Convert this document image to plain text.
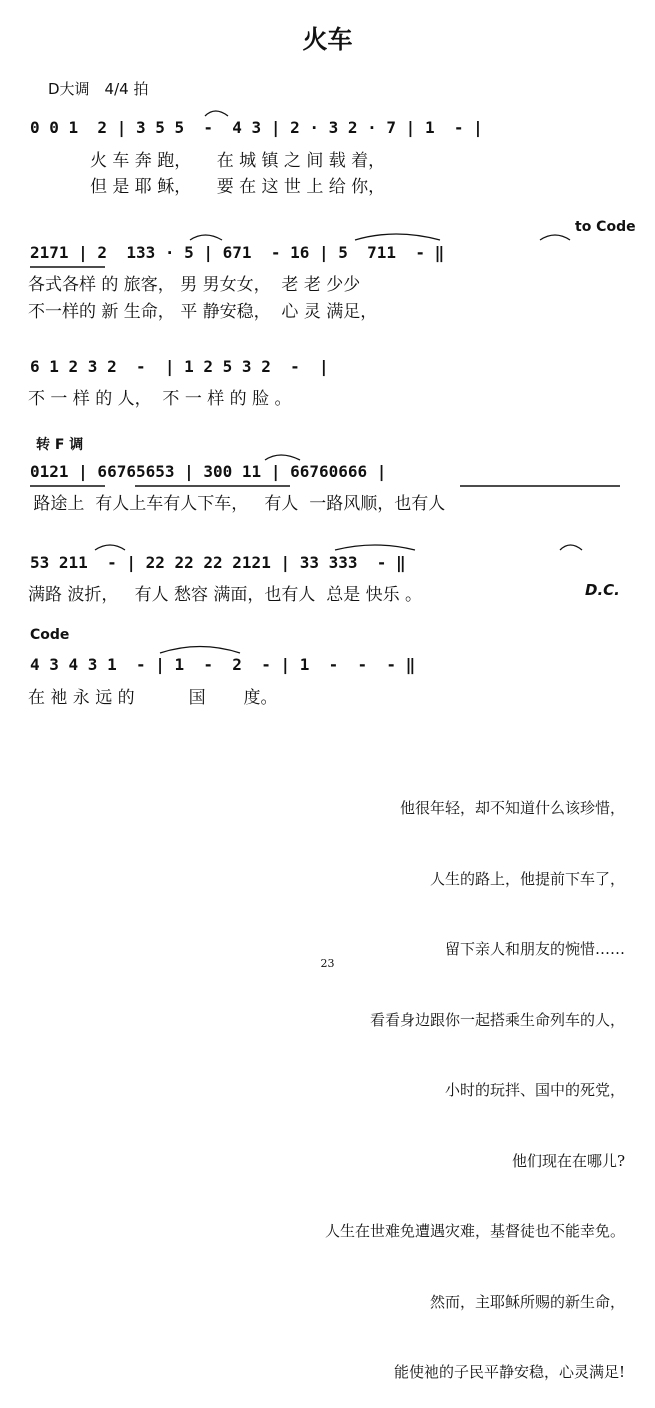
火车
D大调　4/4 拍
0 0 1  2 | 3 5 5  -  4 3 | 2 · 3 2 · 7 | 1  - |
火 车 奔 跑，　　在 城 镇 之 间 载 着，
但 是 耶 稣，　　要 在 这 世 上 给 你，
to Code
2171 | 2  133 · 5 | 671  - 16 | 5  711  - ‖
各式各样 的 旅客， 男 男女女，  老 老 少少
不一样的 新 生命， 平 静安稳，  心 灵 满足，
6 1 2 3 2  -  | 1 2 5 3 2  -  |
不 一 样 的 人，  不 一 样 的 脸 。
转 F 调
0121 | 66765653 | 300 11 | 66760666 |
路途上  有人上车有人下车，   有人  一路风顺，也有人
53 211  - | 22 22 22 2121 | 33 333  - ‖
满路 波折，   有人 愁容 满面，也有人  总是 快乐 。	D.C.
Code
4 3 4 3 1  - | 1  -  2  - | 1  -  -  - ‖
在 祂 永 远 的          国       度。

他很年轻，却不知道什么该珍惜，

人生的路上，他提前下车了，

留下亲人和朋友的惋惜……

看看身边跟你一起搭乘生命列车的人，

小时的玩拌、国中的死党，

他们现在在哪儿?

人生在世难免遭遇灾难，基督徒也不能幸免。

然而，主耶稣所赐的新生命，

能使祂的子民平静安稳，心灵满足!

23
